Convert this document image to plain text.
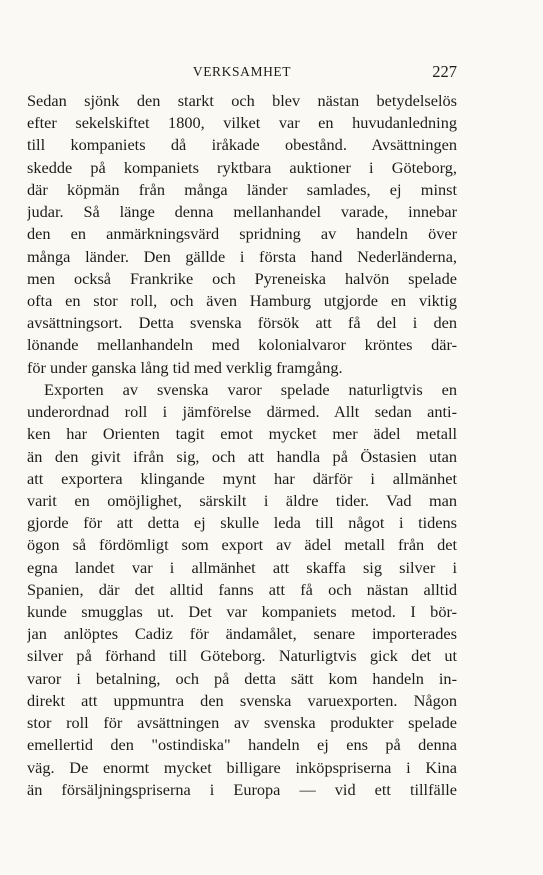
VERKSAMHET	227
Sedan sjönk den starkt och blev nästan betydelselös
efter sekelskiftet 1800, vilket var en huvudanledning
till kompaniets då iråkade obestånd. Avsättningen
skedde på kompaniets ryktbara auktioner i Göteborg,
där köpmän från många länder samlades, ej minst
judar. Så länge denna mellanhandel varade, innebar
den en anmärkningsvärd spridning av handeln över
många länder. Den gällde i första hand Nederländerna,
men också Frankrike och Pyreneiska halvön spelade
ofta en stor roll, och även Hamburg utgjorde en viktig
avsättningsort. Detta svenska försök att få del i den
lönande mellanhandeln med kolonialvaror kröntes där-
för under ganska lång tid med verklig framgång.
Exporten av svenska varor spelade naturligtvis en
underordnad roll i jämförelse därmed. Allt sedan anti-
ken har Orienten tagit emot mycket mer ädel metall
än den givit ifrån sig, och att handla på Östasien utan
att exportera klingande mynt har därför i allmänhet
varit en omöjlighet, särskilt i äldre tider. Vad man
gjorde för att detta ej skulle leda till något i tidens
ögon så fördömligt som export av ädel metall från det
egna landet var i allmänhet att skaffa sig silver i
Spanien, där det alltid fanns att få och nästan alltid
kunde smugglas ut. Det var kompaniets metod. I bör-
jan anlöptes Cadiz för ändamålet, senare importerades
silver på förhand till Göteborg. Naturligtvis gick det ut
varor i betalning, och på detta sätt kom handeln in-
direkt att uppmuntra den svenska varuexporten. Någon
stor roll för avsättningen av svenska produkter spelade
emellertid den "ostindiska" handeln ej ens på denna
väg. De enormt mycket billigare inköpspriserna i Kina
än försäljningspriserna i Europa — vid ett tillfälle
